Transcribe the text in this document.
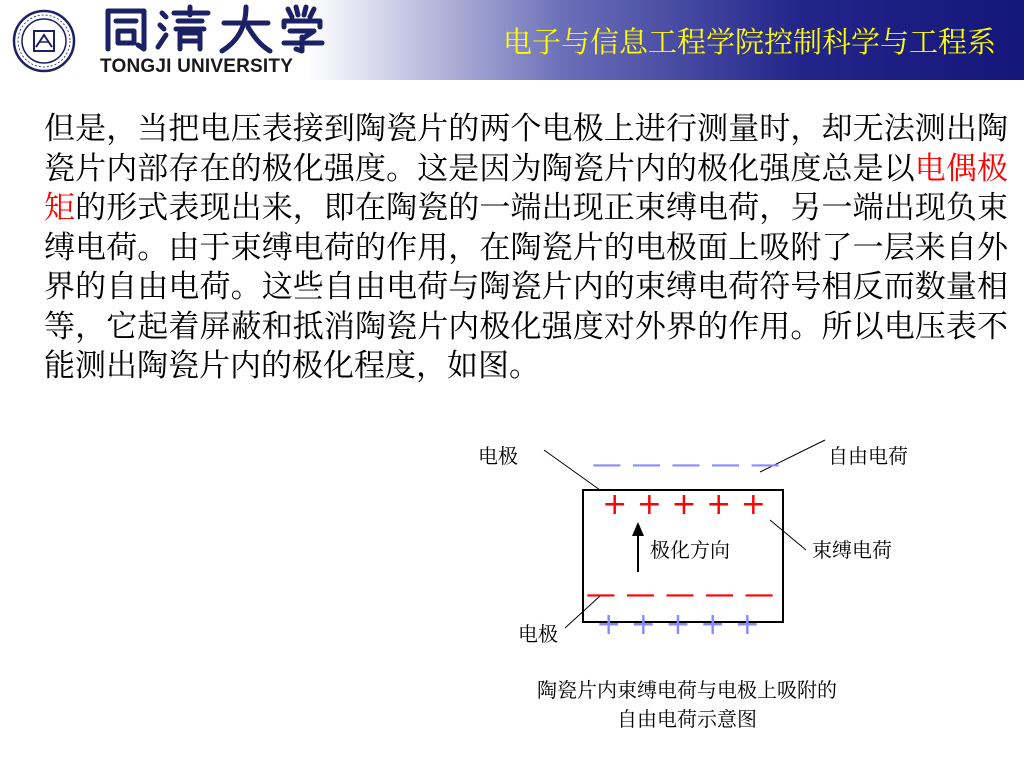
TONGJI UNIVERSITY
电子与信息工程学院控制科学与工程系

但是，当把电压表接到陶瓷片的两个电极上进行测量时，却无法测出陶瓷片内部存在的极化强度。这是因为陶瓷片内的极化强度总是以电偶极矩的形式表现出来，即在陶瓷的一端出现正束缚电荷，另一端出现负束缚电荷。由于束缚电荷的作用，在陶瓷片的电极面上吸附了一层来自外界的自由电荷。这些自由电荷与陶瓷片内的束缚电荷符号相反而数量相等，它起着屏蔽和抵消陶瓷片内极化强度对外界的作用。所以电压表不能测出陶瓷片内的极化程度，如图。

— — — — —
+ + + + +
— — — — —
+ + + + +
电极	自由电荷
极化方向	束缚电荷
电极
陶瓷片内束缚电荷与电极上吸附的
自由电荷示意图
